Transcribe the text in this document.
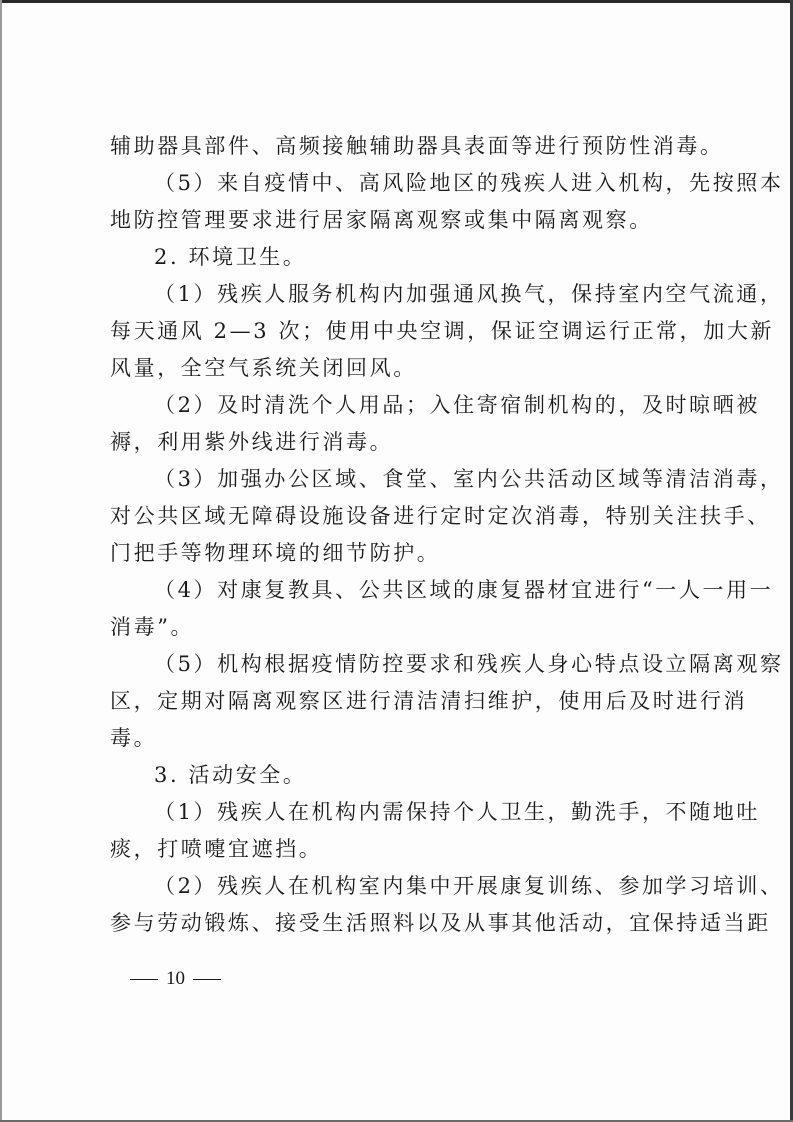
辅助器具部件、高频接触辅助器具表面等进行预防性消毒。

（5）来自疫情中、高风险地区的残疾人进入机构，先按照本

地防控管理要求进行居家隔离观察或集中隔离观察。

2. 环境卫生。

（1）残疾人服务机构内加强通风换气，保持室内空气流通，

每天通风 2—3 次；使用中央空调，保证空调运行正常，加大新

风量，全空气系统关闭回风。

（2）及时清洗个人用品；入住寄宿制机构的，及时晾晒被

褥，利用紫外线进行消毒。

（3）加强办公区域、食堂、室内公共活动区域等清洁消毒，

对公共区域无障碍设施设备进行定时定次消毒，特别关注扶手、

门把手等物理环境的细节防护。

（4）对康复教具、公共区域的康复器材宜进行“一人一用一

消毒”。

（5）机构根据疫情防控要求和残疾人身心特点设立隔离观察

区，定期对隔离观察区进行清洁清扫维护，使用后及时进行消

毒。

3. 活动安全。

（1）残疾人在机构内需保持个人卫生，勤洗手，不随地吐

痰，打喷嚏宜遮挡。

（2）残疾人在机构室内集中开展康复训练、参加学习培训、

参与劳动锻炼、接受生活照料以及从事其他活动，宜保持适当距

10
